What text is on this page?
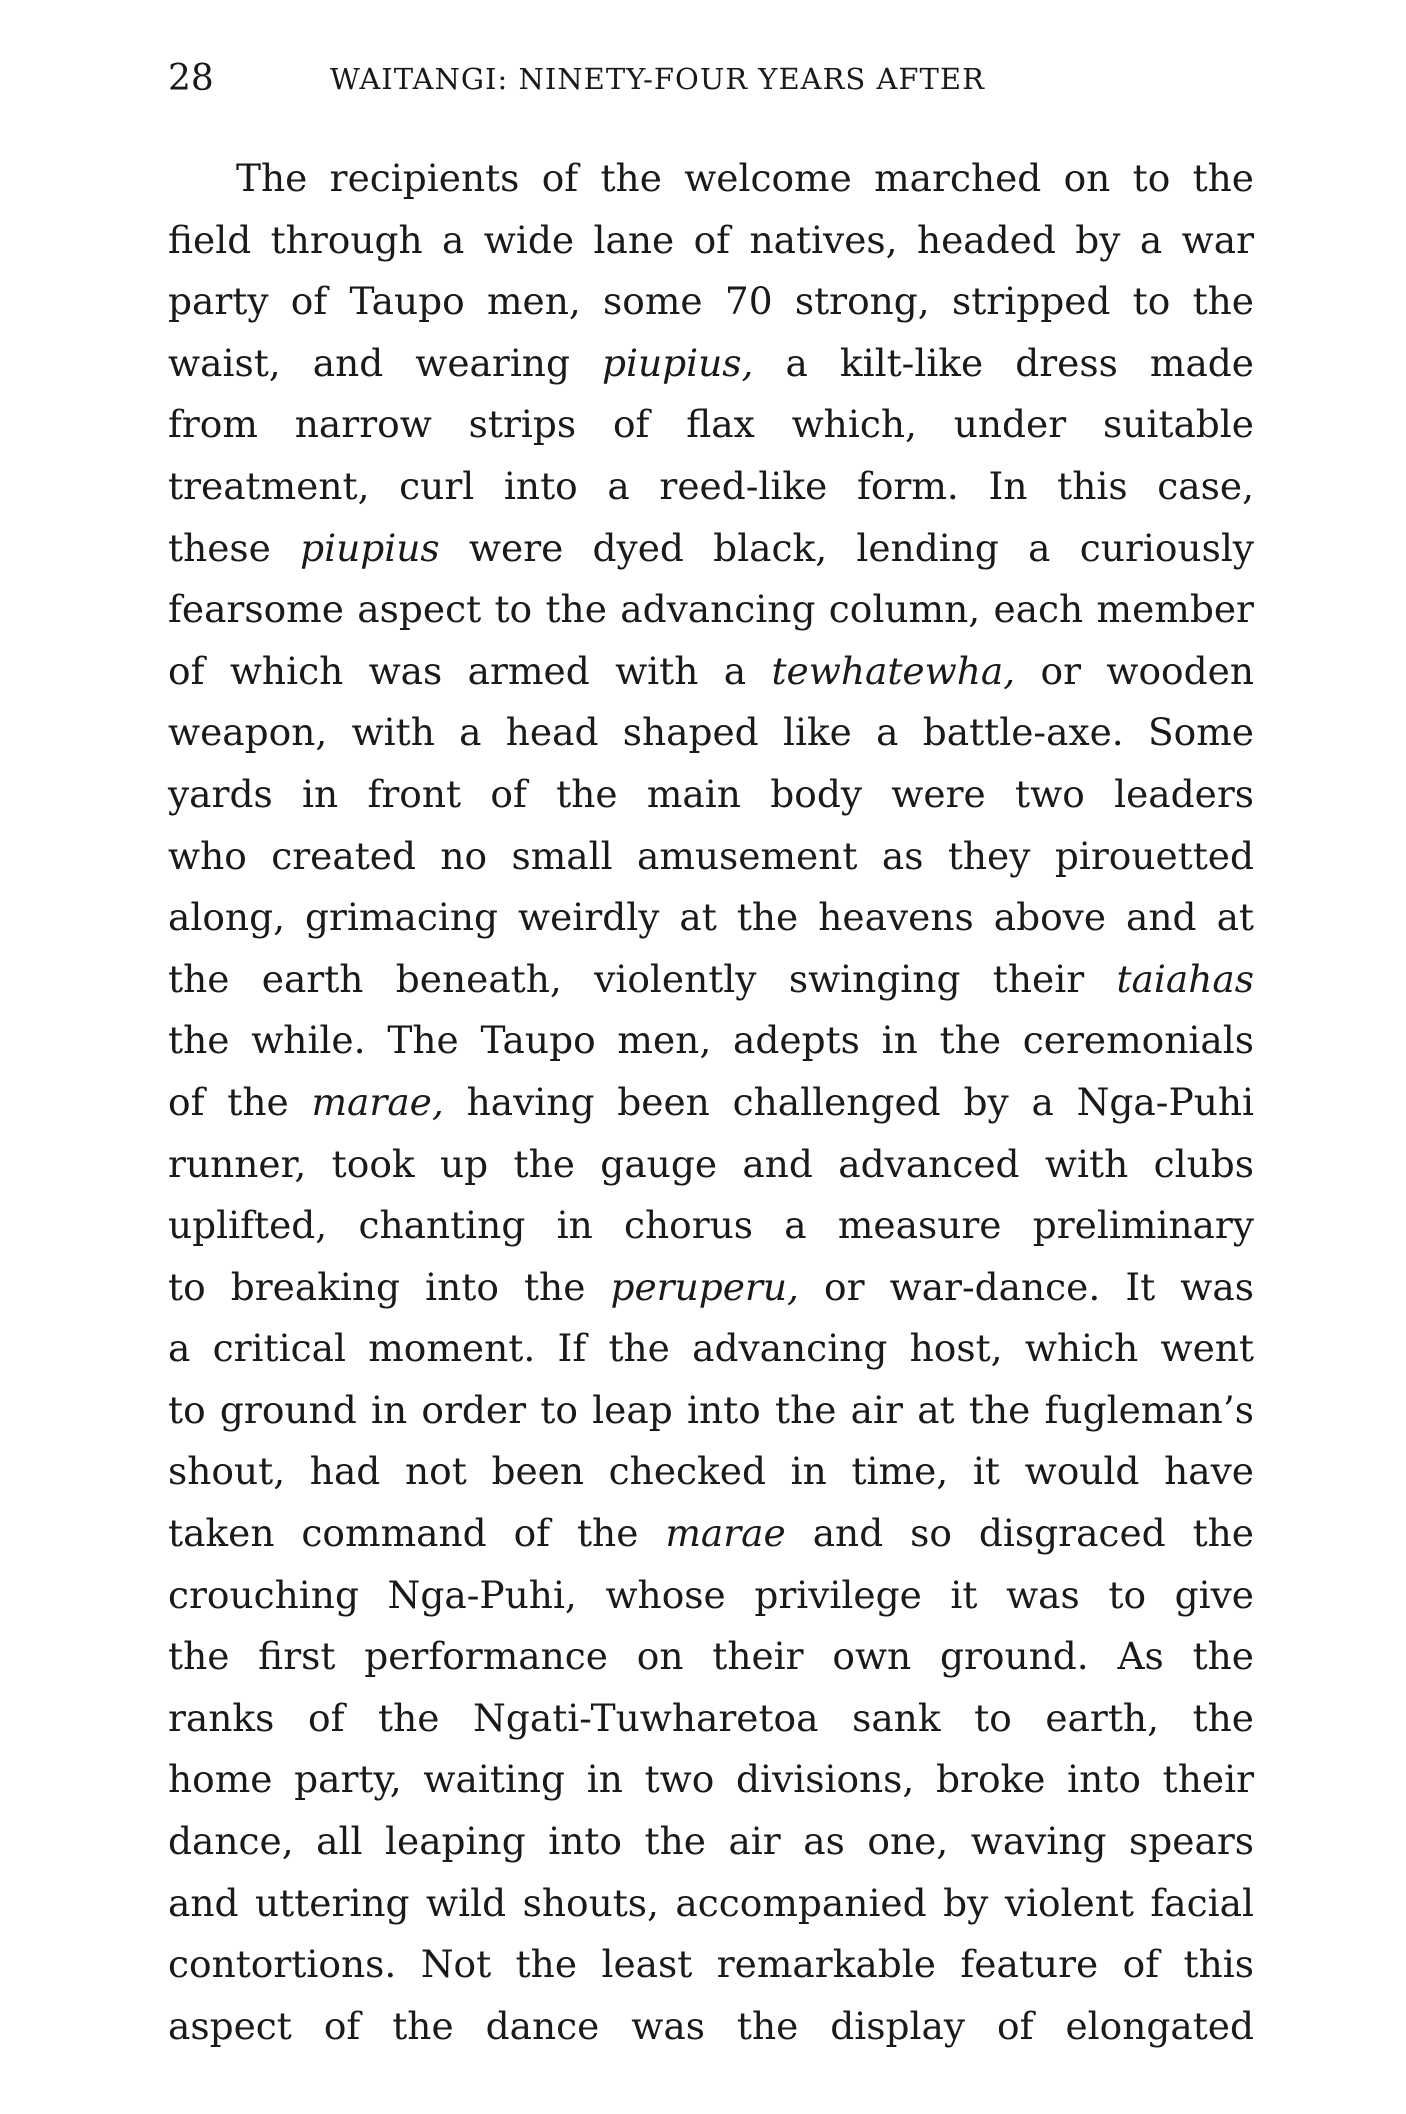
28	WAITANGI: NINETY-FOUR YEARS AFTER
The recipients of the welcome marched on to the
field through a wide lane of natives, headed by a war
party of Taupo men, some 70 strong, stripped to the
waist, and wearing piupius, a kilt-like dress made
from narrow strips of flax which, under suitable
treatment, curl into a reed-like form. In this case,
these piupius were dyed black, lending a curiously
fearsome aspect to the advancing column, each member
of which was armed with a tewhatewha, or wooden
weapon, with a head shaped like a battle-axe. Some
yards in front of the main body were two leaders
who created no small amusement as they pirouetted
along, grimacing weirdly at the heavens above and at
the earth beneath, violently swinging their taiahas
the while. The Taupo men, adepts in the ceremonials
of the marae, having been challenged by a Nga-Puhi
runner, took up the gauge and advanced with clubs
uplifted, chanting in chorus a measure preliminary
to breaking into the peruperu, or war-dance. It was
a critical moment. If the advancing host, which went
to ground in order to leap into the air at the fugleman’s
shout, had not been checked in time, it would have
taken command of the marae and so disgraced the
crouching Nga-Puhi, whose privilege it was to give
the first performance on their own ground. As the
ranks of the Ngati-Tuwharetoa sank to earth, the
home party, waiting in two divisions, broke into their
dance, all leaping into the air as one, waving spears
and uttering wild shouts, accompanied by violent facial
contortions. Not the least remarkable feature of this
aspect of the dance was the display of elongated
